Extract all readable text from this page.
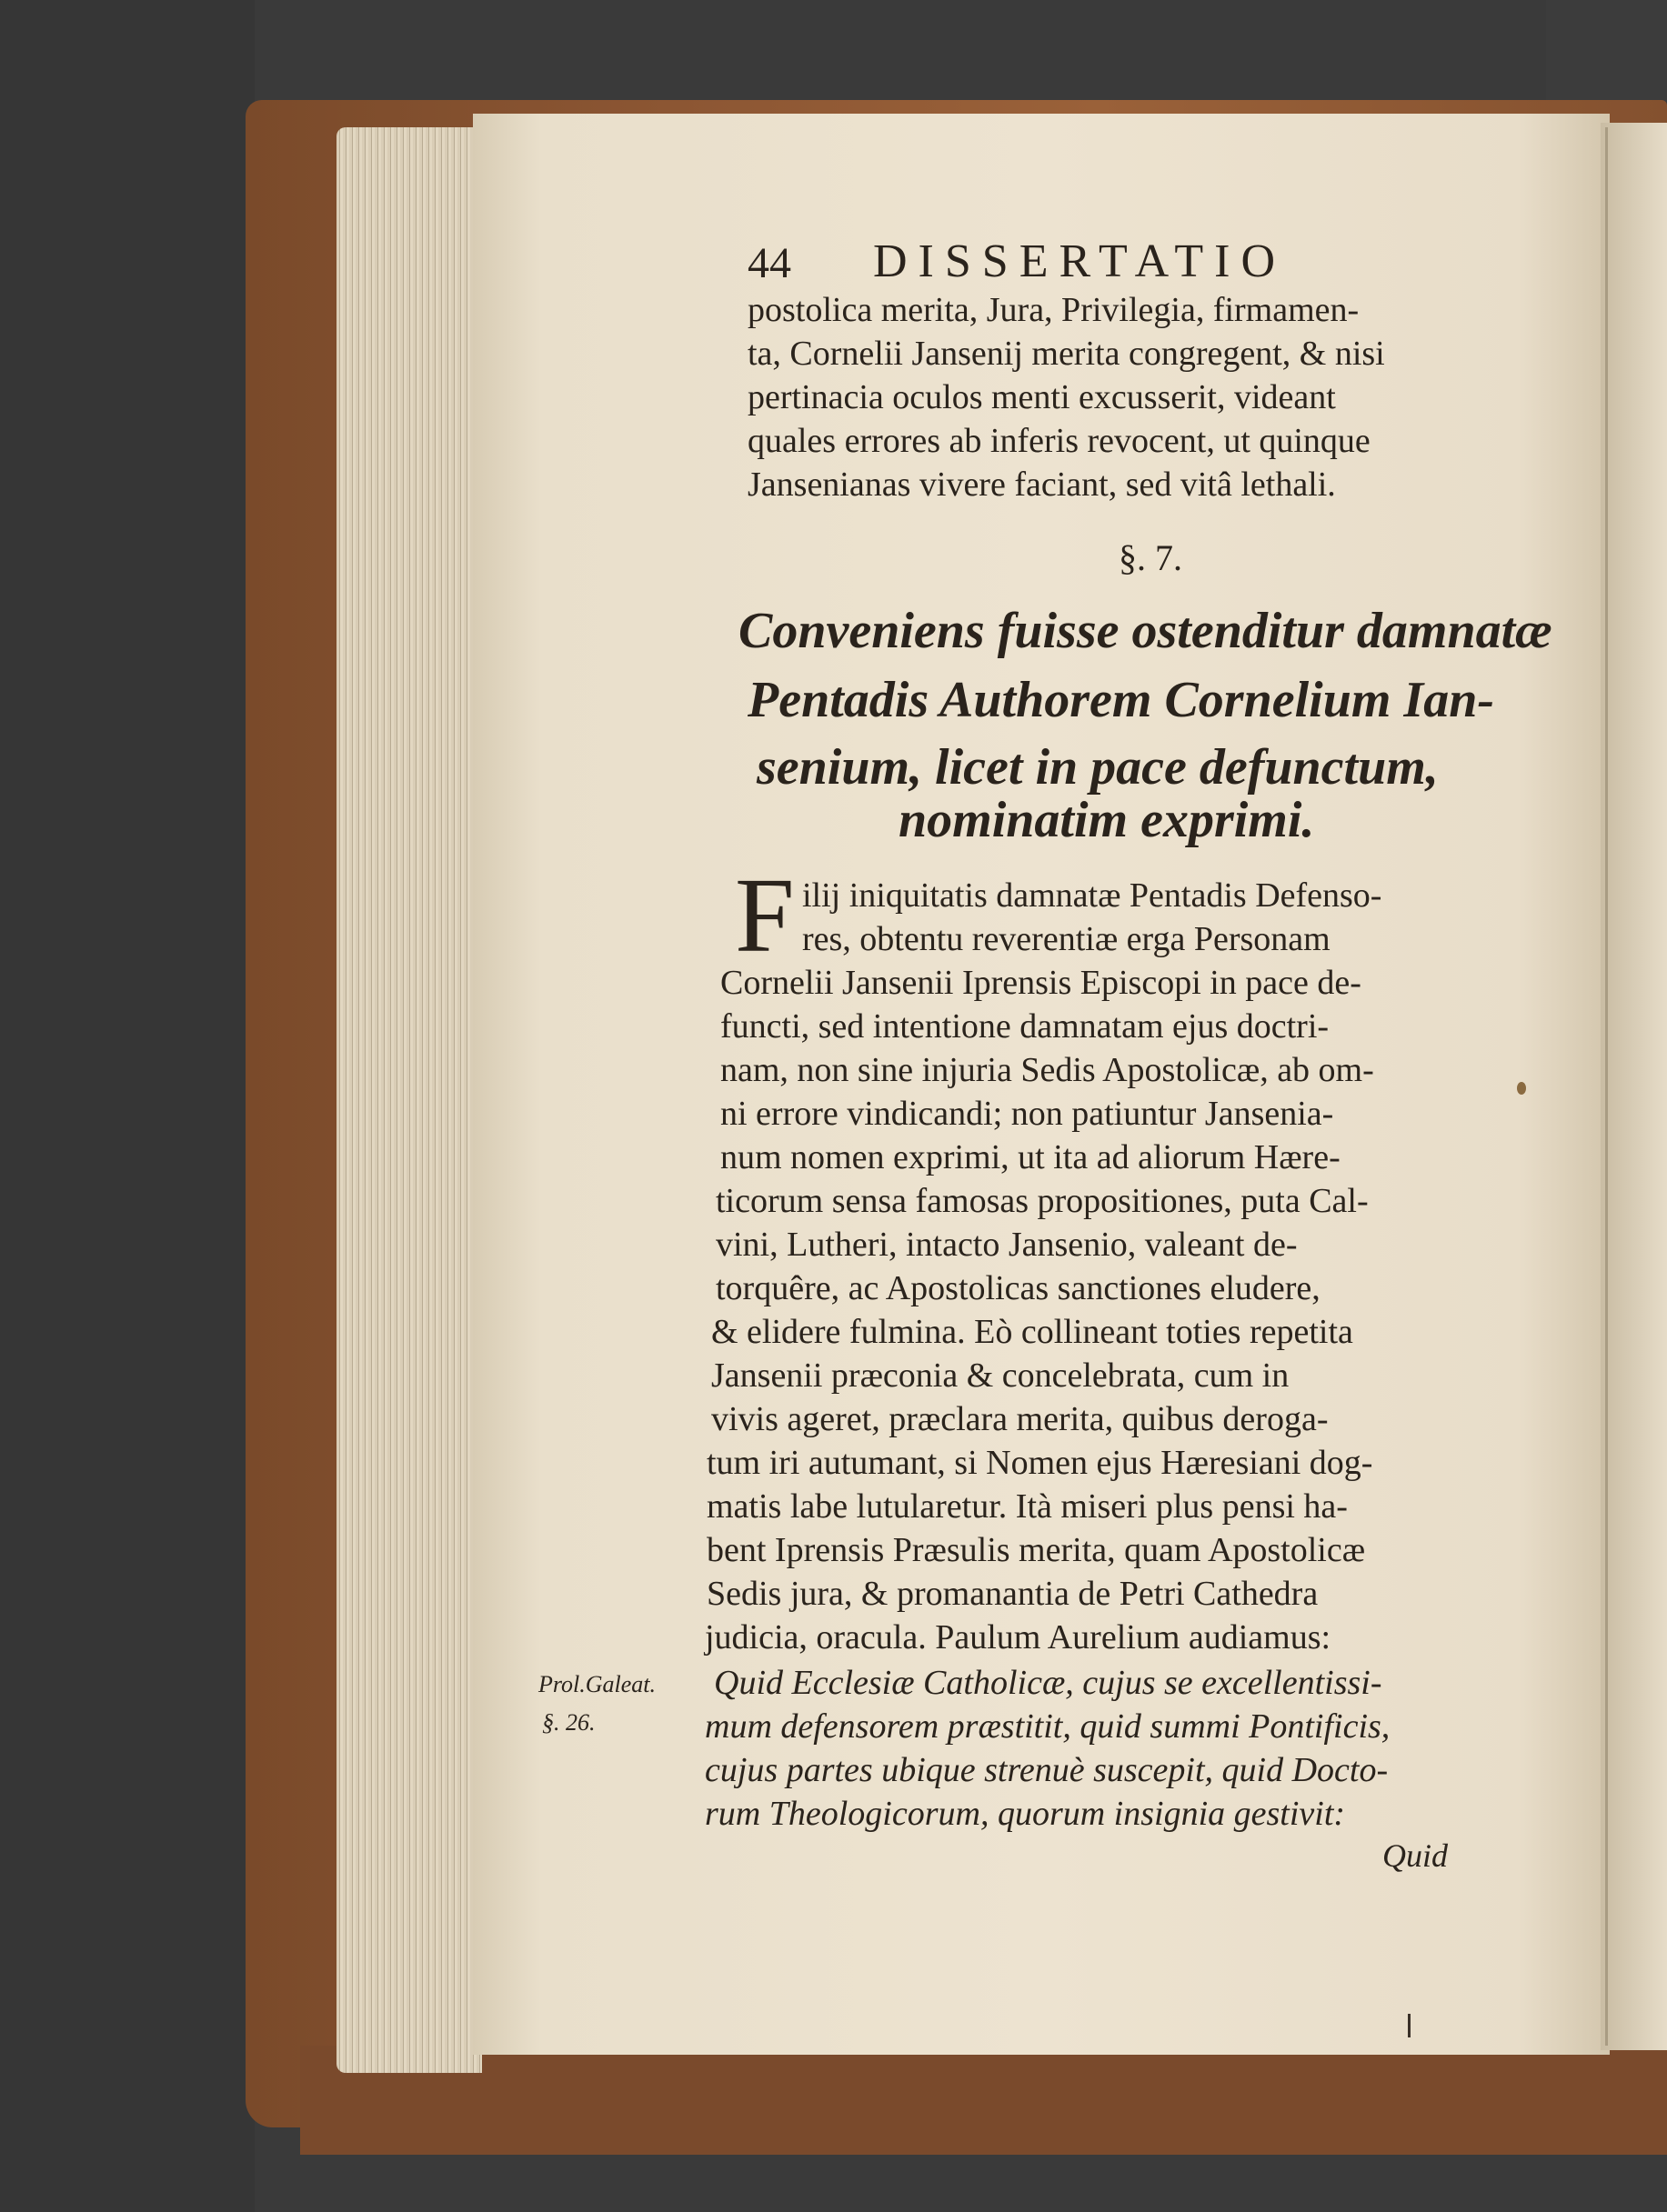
44 DISSERTATIO
postolica merita, Jura, Privilegia, firmamen-
ta, Cornelii Jansenij merita congregent, & nisi
pertinacia oculos menti excusserit, videant
quales errores ab inferis revocent, ut quinque
Jansenianas vivere faciant, sed vitâ lethali.
§. 7.
Conveniens fuisse ostenditur damnatæ
Pentadis Authorem Cornelium Ian-
senium, licet in pace defunctum,
nominatim exprimi.
F ilij iniquitatis damnatæ Pentadis Defenso-
res, obtentu reverentiæ erga Personam
Cornelii Jansenii Iprensis Episcopi in pace de-
functi, sed intentione damnatam ejus doctri-
nam, non sine injuria Sedis Apostolicæ, ab om-
ni errore vindicandi; non patiuntur Jansenia-
num nomen exprimi, ut ita ad aliorum Hære-
ticorum sensa famosas propositiones, puta Cal-
vini, Lutheri, intacto Jansenio, valeant de-
torquêre, ac Apostolicas sanctiones eludere,
& elidere fulmina. Eò collineant toties repetita
Jansenii præconia & concelebrata, cum in
vivis ageret, præclara merita, quibus deroga-
tum iri autumant, si Nomen ejus Hæresiani dog-
matis labe lutularetur. Ità miseri plus pensi ha-
bent Iprensis Præsulis merita, quam Apostolicæ
Sedis jura, & promanantia de Petri Cathedra
judicia, oracula. Paulum Aurelium audiamus:
Quid Ecclesiæ Catholicæ, cujus se excellentissi-
mum defensorem præstitit, quid summi Pontificis,
cujus partes ubique strenuè suscepit, quid Docto-
rum Theologicorum, quorum insignia gestivit:
Prol.Galeat.
§. 26.
Quid
